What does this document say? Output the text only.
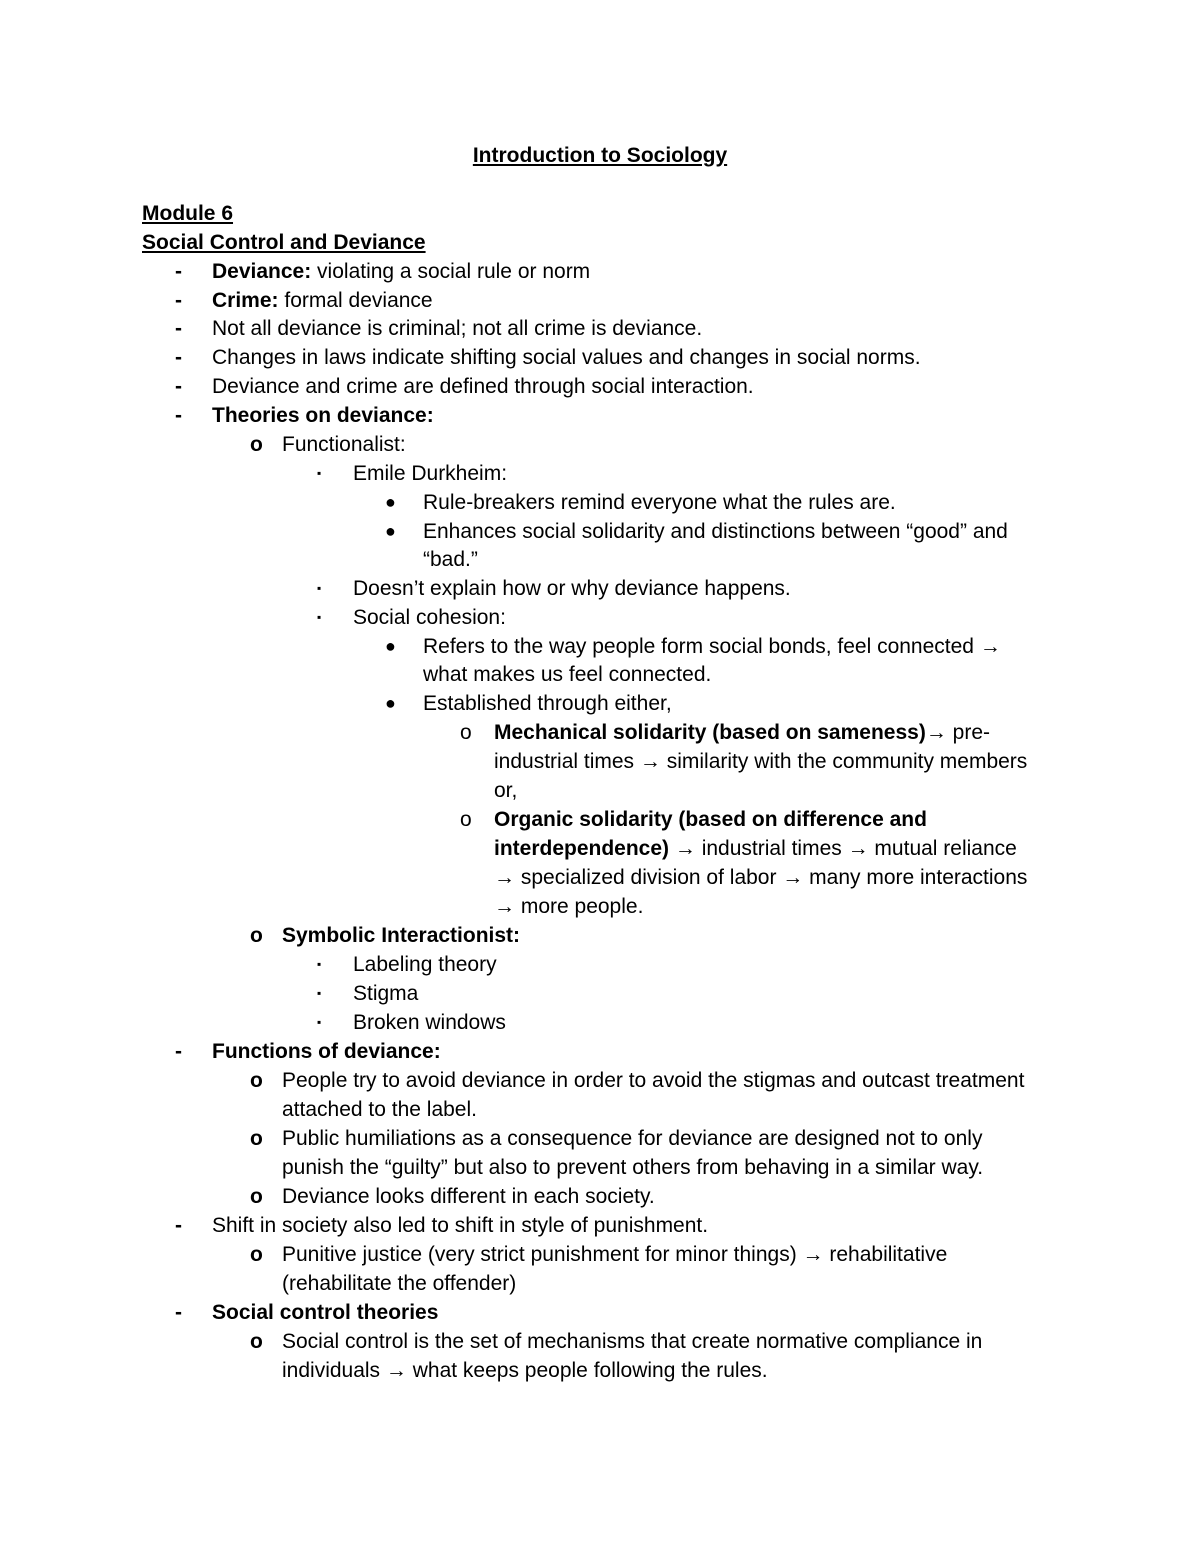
Introduction to Sociology
Module 6
Social Control and Deviance
- Deviance: violating a social rule or norm
- Crime: formal deviance
- Not all deviance is criminal; not all crime is deviance.
- Changes in laws indicate shifting social values and changes in social norms.
- Deviance and crime are defined through social interaction.
- Theories on deviance:
o Functionalist:
▪ Emile Durkheim:
● Rule-breakers remind everyone what the rules are.
● Enhances social solidarity and distinctions between “good” and
“bad.”
▪ Doesn’t explain how or why deviance happens.
▪ Social cohesion:
● Refers to the way people form social bonds, feel connected →
what makes us feel connected.
● Established through either,
o Mechanical solidarity (based on sameness)→ pre-
industrial times → similarity with the community members
or,
o Organic solidarity (based on difference and
interdependence) → industrial times → mutual reliance
→ specialized division of labor → many more interactions
→ more people.
o Symbolic Interactionist:
▪ Labeling theory
▪ Stigma
▪ Broken windows
- Functions of deviance:
o People try to avoid deviance in order to avoid the stigmas and outcast treatment
attached to the label.
o Public humiliations as a consequence for deviance are designed not to only
punish the “guilty” but also to prevent others from behaving in a similar way.
o Deviance looks different in each society.
- Shift in society also led to shift in style of punishment.
o Punitive justice (very strict punishment for minor things) → rehabilitative
(rehabilitate the offender)
- Social control theories
o Social control is the set of mechanisms that create normative compliance in
individuals → what keeps people following the rules.
